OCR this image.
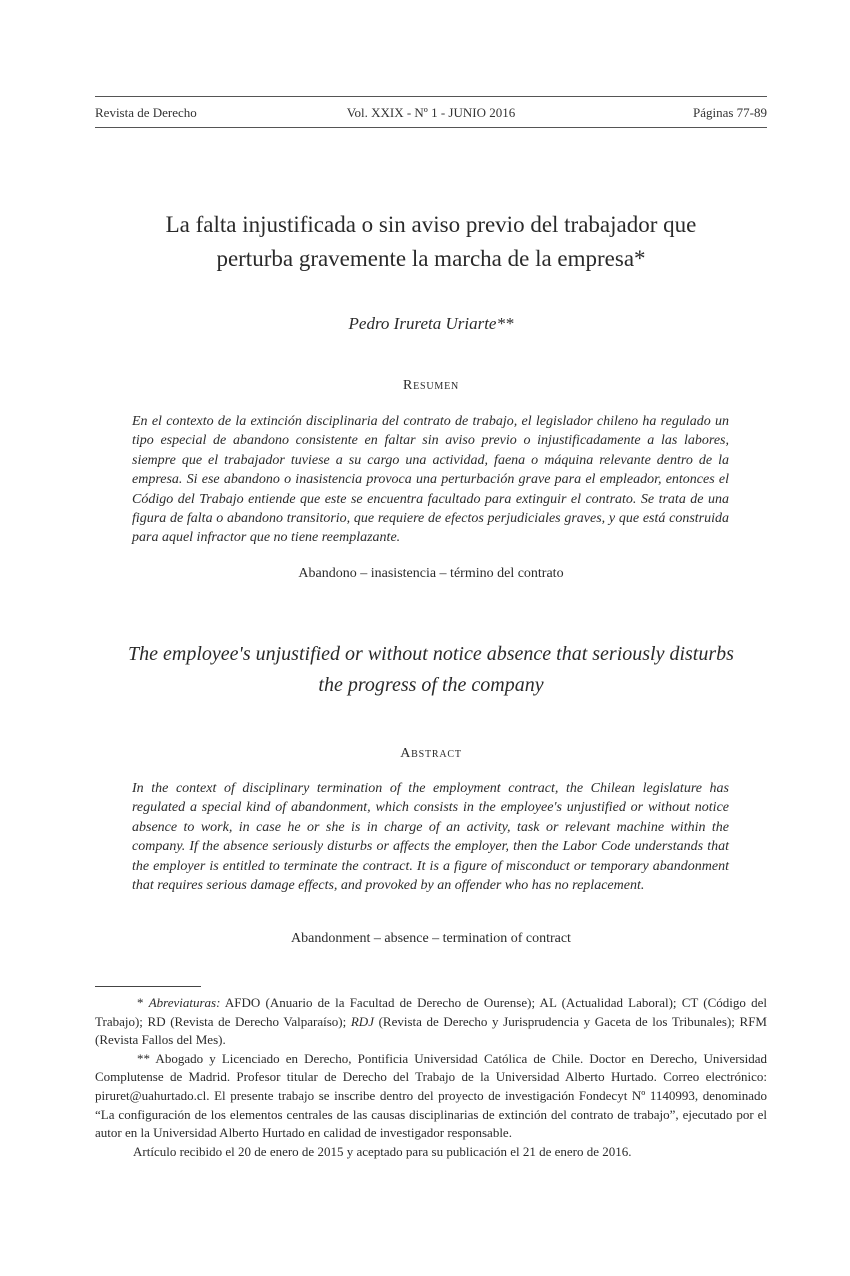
Revista de Derecho	Vol. XXIX - Nº 1 - JUNIO 2016	Páginas 77-89
La falta injustificada o sin aviso previo del trabajador que
perturba gravemente la marcha de la empresa*
Pedro Irureta Uriarte**
Resumen
En el contexto de la extinción disciplinaria del contrato de trabajo, el legislador chileno ha regulado un tipo especial de abandono consistente en faltar sin aviso previo o injustificadamente a las labores, siempre que el trabajador tuviese a su cargo una actividad, faena o máquina relevante dentro de la empresa. Si ese abandono o inasistencia provoca una perturbación grave para el empleador, entonces el Código del Trabajo entiende que este se encuentra facultado para extinguir el contrato. Se trata de una figura de falta o abandono transitorio, que requiere de efectos perjudiciales graves, y que está construida para aquel infractor que no tiene reemplazante.
Abandono – inasistencia – término del contrato
The employee's unjustified or without notice absence that seriously disturbs
the progress of the company
Abstract
In the context of disciplinary termination of the employment contract, the Chilean legislature has regulated a special kind of abandonment, which consists in the employee's unjustified or without notice absence to work, in case he or she is in charge of an activity, task or relevant machine within the company. If the absence seriously disturbs or affects the employer, then the Labor Code understands that the employer is entitled to terminate the contract. It is a figure of misconduct or temporary abandonment that requires serious damage effects, and provoked by an offender who has no replacement.
Abandonment – absence – termination of contract

* Abreviaturas: AFDO (Anuario de la Facultad de Derecho de Ourense); AL (Actualidad Laboral); CT (Código del Trabajo); RD (Revista de Derecho Valparaíso); RDJ (Revista de Derecho y Jurisprudencia y Gaceta de los Tribunales); RFM (Revista Fallos del Mes).

** Abogado y Licenciado en Derecho, Pontificia Universidad Católica de Chile. Doctor en Derecho, Universidad Complutense de Madrid. Profesor titular de Derecho del Trabajo de la Universidad Alberto Hurtado. Correo electrónico: piruret@uahurtado.cl. El presente trabajo se inscribe dentro del proyecto de investigación Fondecyt Nº 1140993, denominado “La configuración de los elementos centrales de las causas disciplinarias de extinción del contrato de trabajo”, ejecutado por el autor en la Universidad Alberto Hurtado en calidad de investigador responsable.

Artículo recibido el 20 de enero de 2015 y aceptado para su publicación el 21 de enero de 2016.
